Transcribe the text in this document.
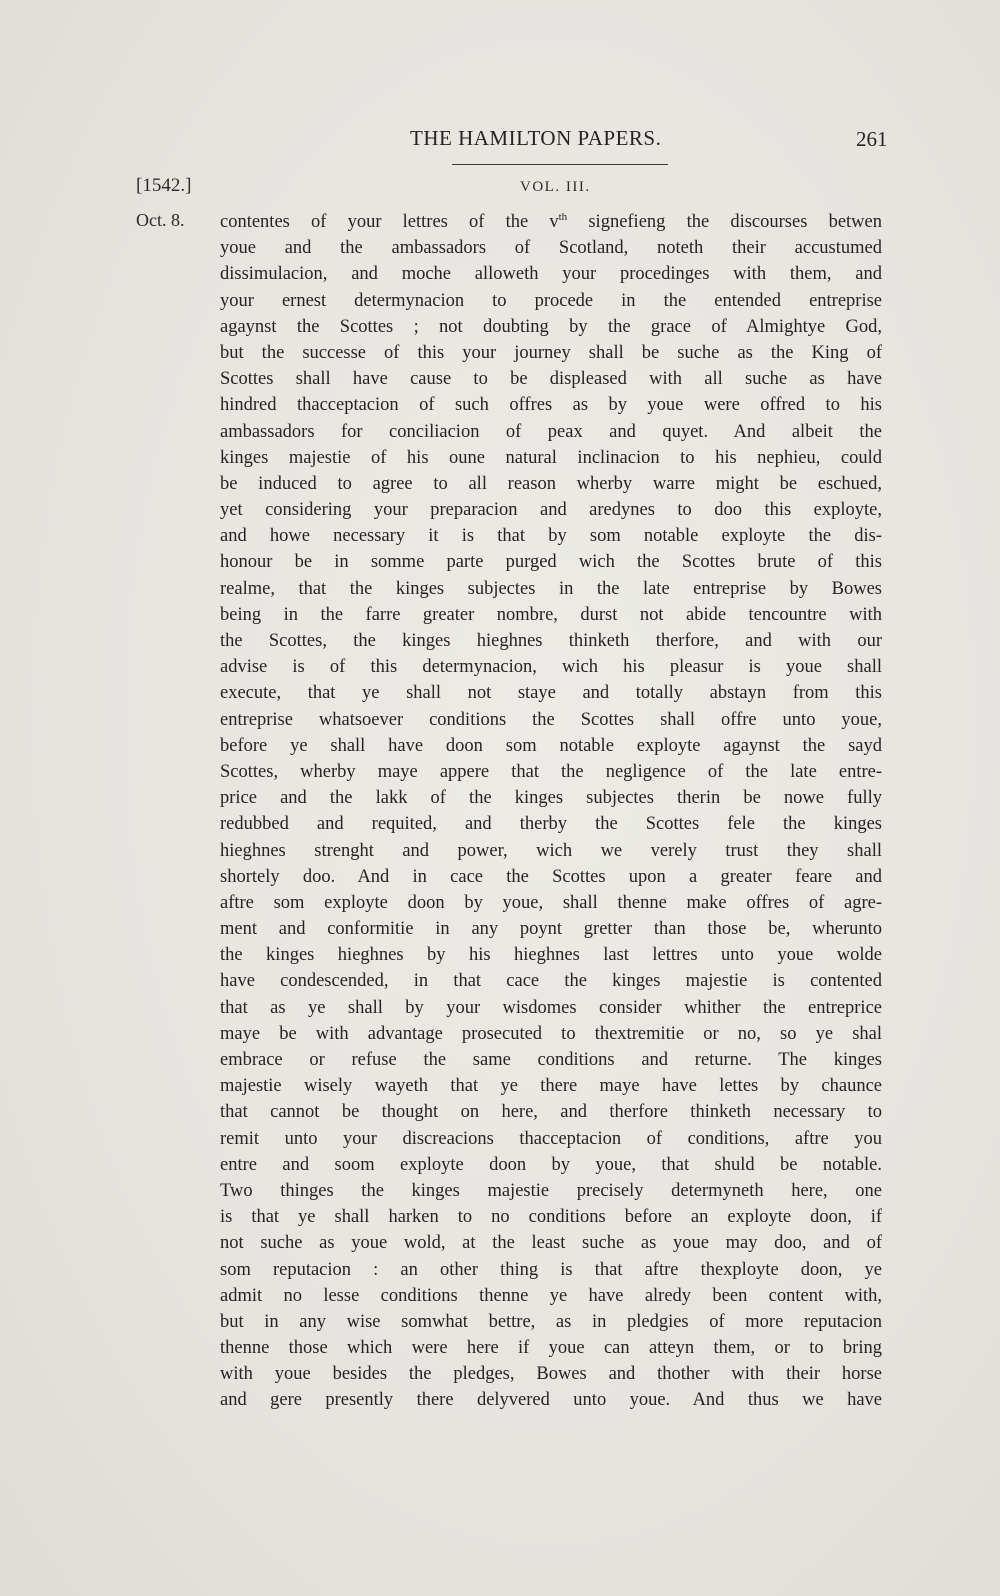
THE HAMILTON PAPERS.	261
VOL. III.
[1542.]
Oct. 8. contentes of your lettres of the $v^{th}$ signefieng the discourses betwen
youe and the ambassadors of Scotland, noteth their accustumed
dissimulacion, and moche alloweth your procedinges with them, and
your ernest determynacion to procede in the entended entreprise
agaynst the Scottes ; not doubting by the grace of Almightye God,
but the successe of this your journey shall be suche as the King of
Scottes shall have cause to be displeased with all suche as have
hindred thacceptacion of such offres as by youe were offred to his
ambassadors for conciliacion of peax and quyet. And albeit the
kinges majestie of his oune natural inclinacion to his nephieu, could
be induced to agree to all reason wherby warre might be eschued,
yet considering your preparacion and aredynes to doo this exployte,
and howe necessary it is that by som notable exployte the dis-
honour be in somme parte purged wich the Scottes brute of this
realme, that the kinges subjectes in the late entreprise by Bowes
being in the farre greater nombre, durst not abide tencountre with
the Scottes, the kinges hieghnes thinketh therfore, and with our
advise is of this determynacion, wich his pleasur is youe shall
execute, that ye shall not staye and totally abstayn from this
entreprise whatsoever conditions the Scottes shall offre unto youe,
before ye shall have doon som notable exployte agaynst the sayd
Scottes, wherby maye appere that the negligence of the late entre-
price and the lakk of the kinges subjectes therin be nowe fully
redubbed and requited, and therby the Scottes fele the kinges
hieghnes strenght and power, wich we verely trust they shall
shortely doo. And in cace the Scottes upon a greater feare and
aftre som exployte doon by youe, shall thenne make offres of agre-
ment and conformitie in any poynt gretter than those be, wherunto
the kinges hieghnes by his hieghnes last lettres unto youe wolde
have condescended, in that cace the kinges majestie is contented
that as ye shall by your wisdomes consider whither the entreprice
maye be with advantage prosecuted to thextremitie or no, so ye shal
embrace or refuse the same conditions and returne. The kinges
majestie wisely wayeth that ye there maye have lettes by chaunce
that cannot be thought on here, and therfore thinketh necessary to
remit unto your discreacions thacceptacion of conditions, aftre you
entre and soom exployte doon by youe, that shuld be notable.
Two thinges the kinges majestie precisely determyneth here, one
is that ye shall harken to no conditions before an exployte doon, if
not suche as youe wold, at the least suche as youe may doo, and of
som reputacion : an other thing is that aftre thexployte doon, ye
admit no lesse conditions thenne ye have alredy been content with,
but in any wise somwhat bettre, as in pledgies of more reputacion
thenne those which were here if youe can atteyn them, or to bring
with youe besides the pledges, Bowes and thother with their horse
and gere presently there delyvered unto youe. And thus we have
